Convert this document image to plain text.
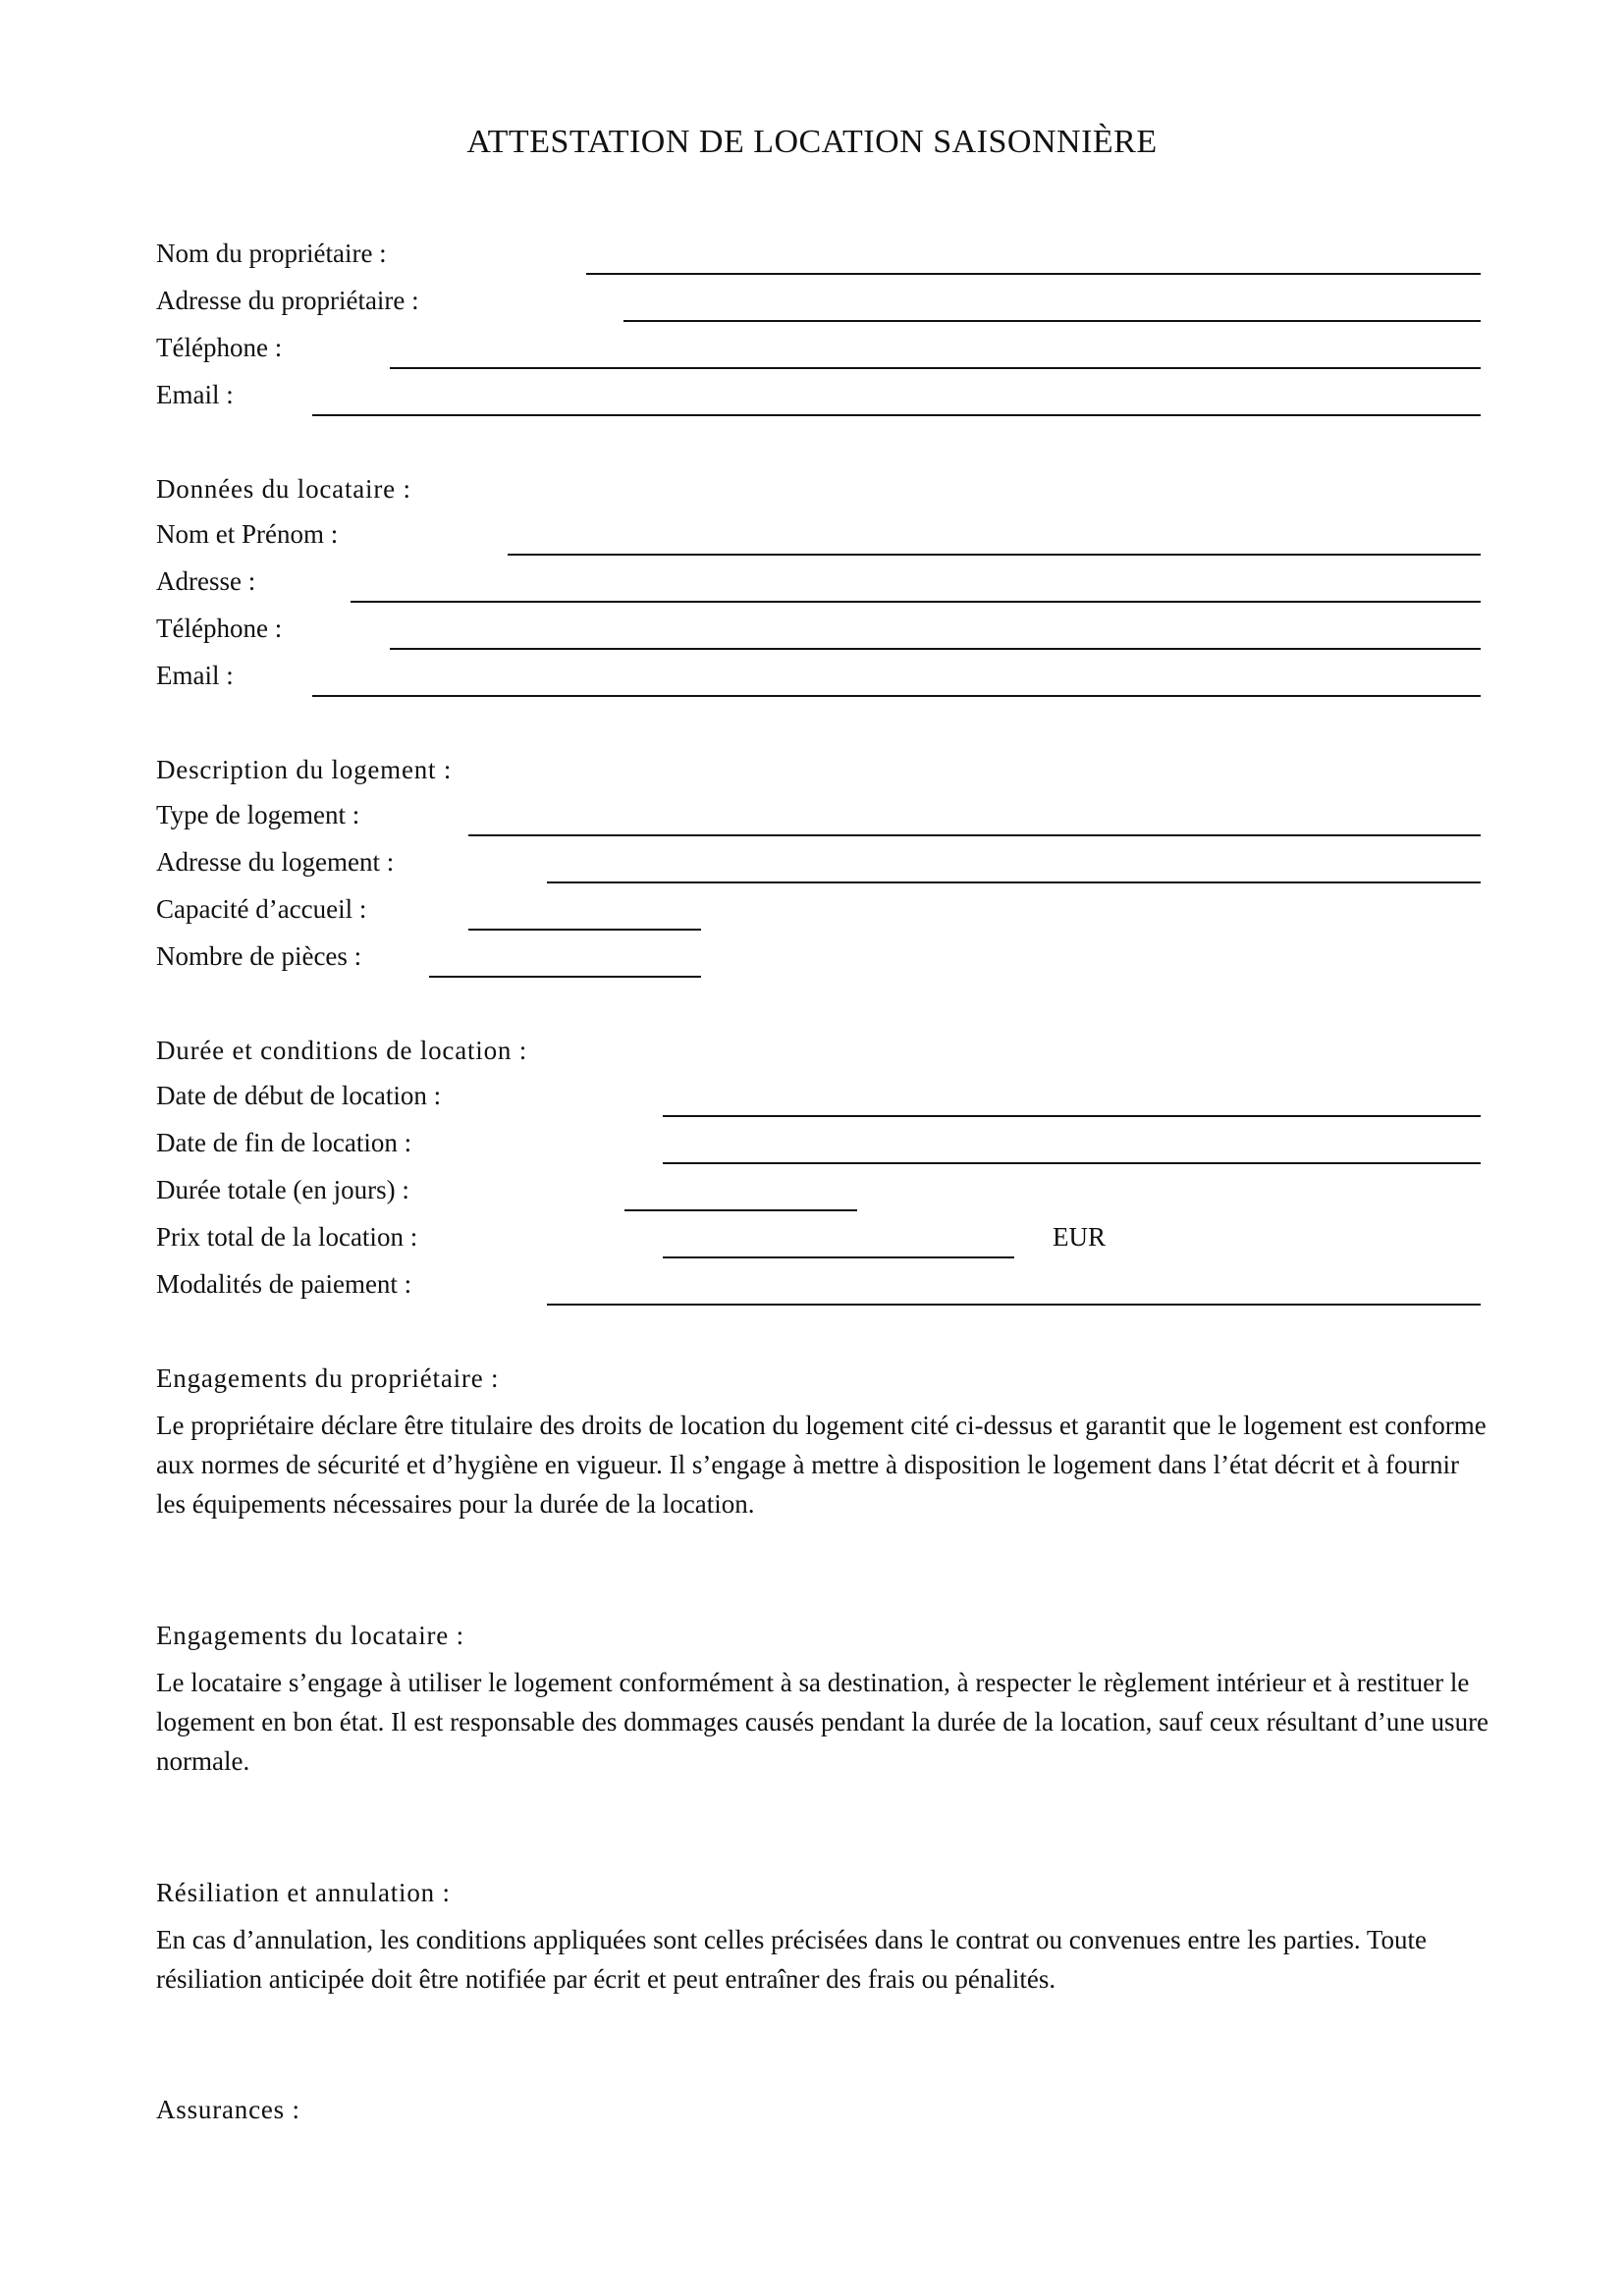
ATTESTATION DE LOCATION SAISONNIÈRE
Nom du propriétaire :
Adresse du propriétaire :
Téléphone :
Email :
Données du locataire :
Nom et Prénom :
Adresse :
Téléphone :
Email :
Description du logement :
Type de logement :
Adresse du logement :
Capacité d’accueil :
Nombre de pièces :
Durée et conditions de location :
Date de début de location :
Date de fin de location :
Durée totale (en jours) :
Prix total de la location :	EUR
Modalités de paiement :
Engagements du propriétaire :

Le propriétaire déclare être titulaire des droits de location du logement cité ci-dessus et garantit que le logement est conforme aux normes de sécurité et d’hygiène en vigueur. Il s’engage à mettre à disposition le logement dans l’état décrit et à fournir les équipements nécessaires pour la durée de la location.

Engagements du locataire :

Le locataire s’engage à utiliser le logement conformément à sa destination, à respecter le règlement intérieur et à restituer le logement en bon état. Il est responsable des dommages causés pendant la durée de la location, sauf ceux résultant d’une usure normale.

Résiliation et annulation :

En cas d’annulation, les conditions appliquées sont celles précisées dans le contrat ou convenues entre les parties. Toute résiliation anticipée doit être notifiée par écrit et peut entraîner des frais ou pénalités.

Assurances :
